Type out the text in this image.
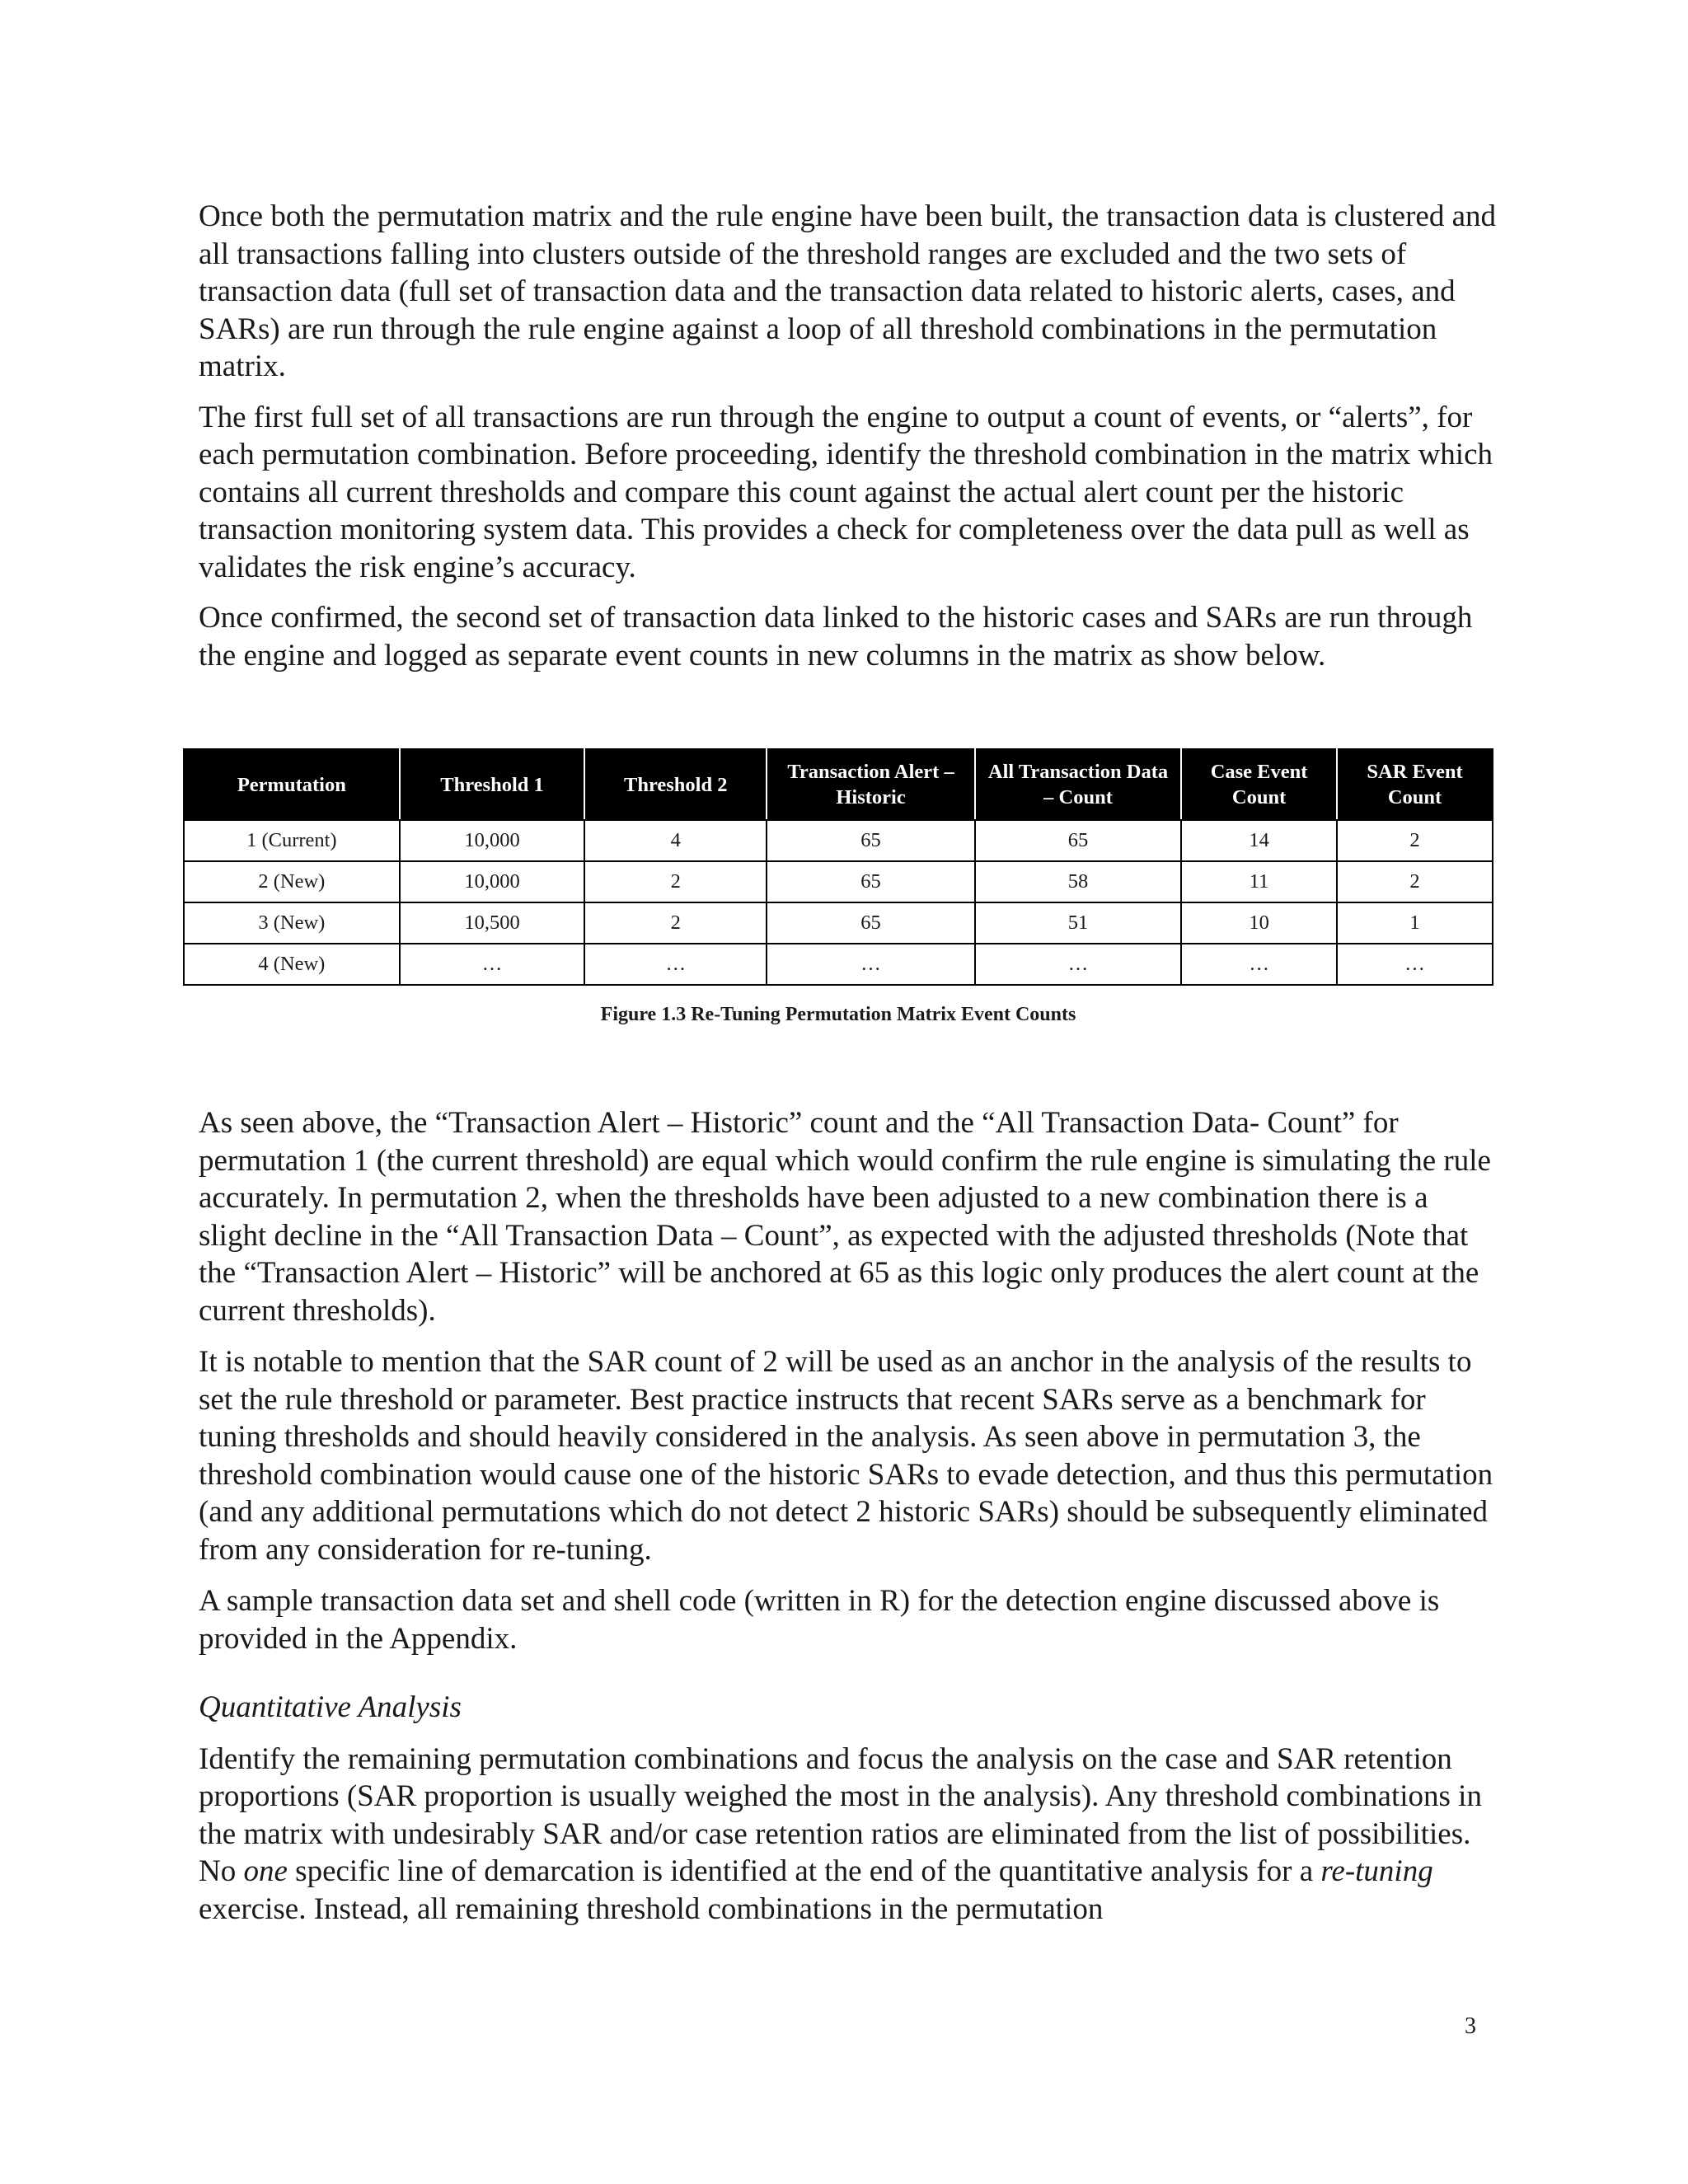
Once both the permutation matrix and the rule engine have been built, the transaction data is clustered and all transactions falling into clusters outside of the threshold ranges are excluded and the two sets of transaction data (full set of transaction data and the transaction data related to historic alerts, cases, and SARs) are run through the rule engine against a loop of all threshold combinations in the permutation matrix.

The first full set of all transactions are run through the engine to output a count of events, or “alerts”, for each permutation combination. Before proceeding, identify the threshold combination in the matrix which contains all current thresholds and compare this count against the actual alert count per the historic transaction monitoring system data. This provides a check for completeness over the data pull as well as validates the risk engine’s accuracy.

Once confirmed, the second set of transaction data linked to the historic cases and SARs are run through the engine and logged as separate event counts in new columns in the matrix as show below.

Permutation	Threshold 1	Threshold 2	Transaction Alert – Historic	All Transaction Data – Count	Case Event Count	SAR Event Count
1 (Current)	10,000	4	65	65	14	2
2 (New)	10,000	2	65	58	11	2
3 (New)	10,500	2	65	51	10	1
4 (New)	…	…	…	…	…	…
Figure 1.3 Re-Tuning Permutation Matrix Event Counts

As seen above, the “Transaction Alert – Historic” count and the “All Transaction Data- Count” for permutation 1 (the current threshold) are equal which would confirm the rule engine is simulating the rule accurately. In permutation 2, when the thresholds have been adjusted to a new combination there is a slight decline in the “All Transaction Data – Count”, as expected with the adjusted thresholds (Note that the “Transaction Alert – Historic” will be anchored at 65 as this logic only produces the alert count at the current thresholds).

It is notable to mention that the SAR count of 2 will be used as an anchor in the analysis of the results to set the rule threshold or parameter. Best practice instructs that recent SARs serve as a benchmark for tuning thresholds and should heavily considered in the analysis. As seen above in permutation 3, the threshold combination would cause one of the historic SARs to evade detection, and thus this permutation (and any additional permutations which do not detect 2 historic SARs) should be subsequently eliminated from any consideration for re-tuning.

A sample transaction data set and shell code (written in R) for the detection engine discussed above is provided in the Appendix.

Quantitative Analysis

Identify the remaining permutation combinations and focus the analysis on the case and SAR retention proportions (SAR proportion is usually weighed the most in the analysis). Any threshold combinations in the matrix with undesirably SAR and/or case retention ratios are eliminated from the list of possibilities. No one specific line of demarcation is identified at the end of the quantitative analysis for a re-tuning exercise. Instead, all remaining threshold combinations in the permutation

3
